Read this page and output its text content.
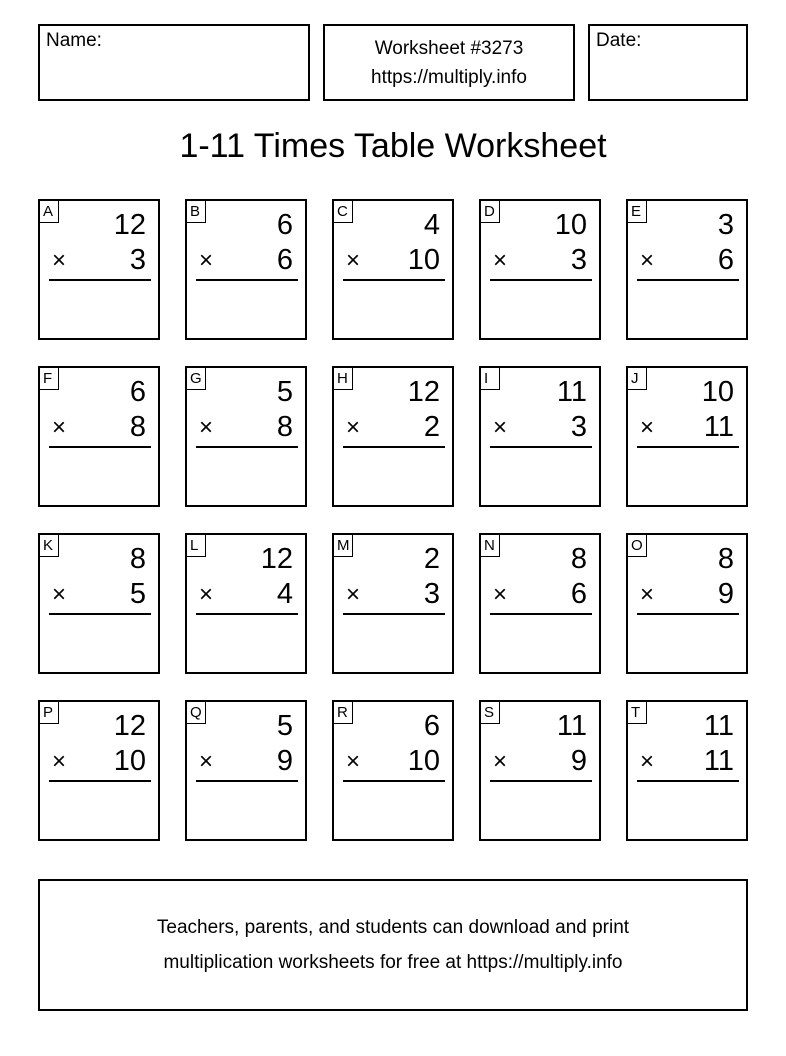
Name:	Worksheet #3273
https://multiply.info
Date:
1-11 Times Table Worksheet
A 12
× 3
B	6
× 6
C	4
× 10
D 10
× 3
E	3
× 6
F	6
× 8
G	5
× 8
H 12
× 2
I	11
× 3
J 10
× 11
K	8
× 5
L 12
× 4
M	2
× 3
N	8
× 6
O	8
× 9
P 12
× 10
Q	5
× 9
R	6
× 10
S 11
× 9
T 11
× 11
Teachers, parents, and students can download and print
multiplication worksheets for free at https://multiply.info
